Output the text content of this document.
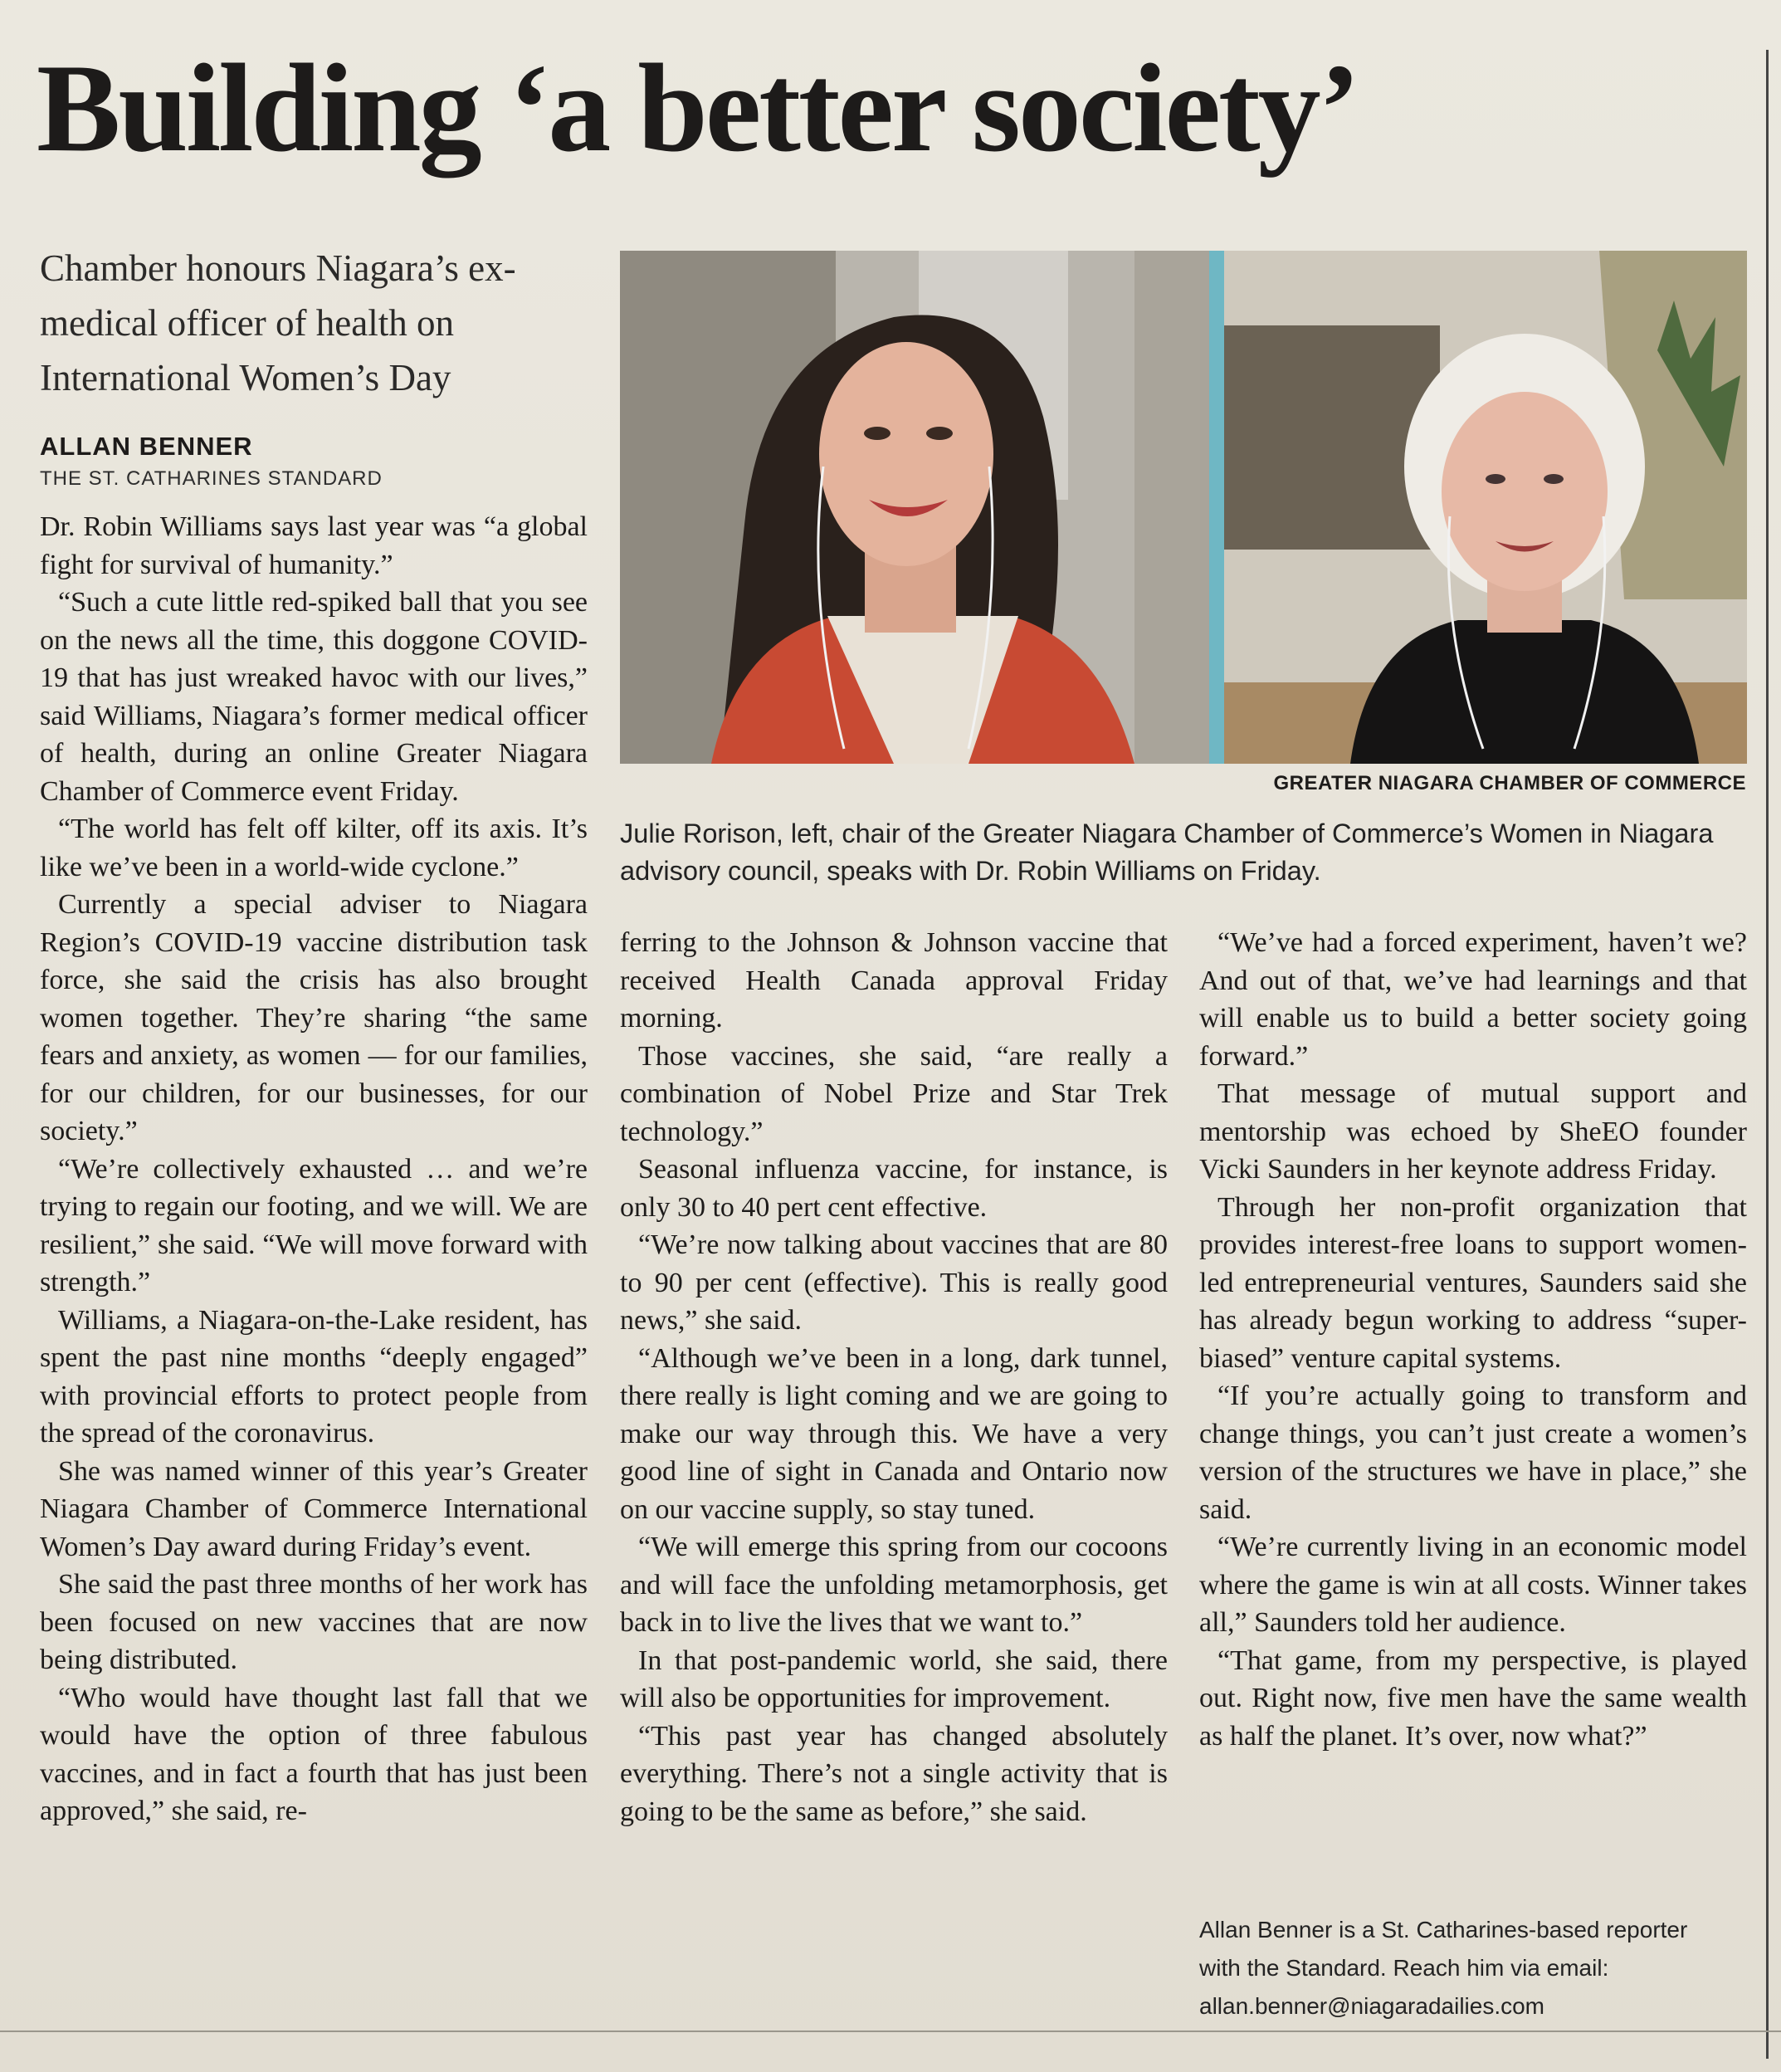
Building ‘a better society’
Chamber honours Niagara’s ex-medical officer of health on International Women’s Day
ALLAN BENNER
THE ST. CATHARINES STANDARD
GREATER NIAGARA CHAMBER OF COMMERCE
Julie Rorison, left, chair of the Greater Niagara Chamber of Commerce’s Women in Niagara advisory council, speaks with Dr. Robin Williams on Friday.

Dr. Robin Williams says last year was “a global fight for survival of humanity.”

“Such a cute little red-spiked ball that you see on the news all the time, this doggone COVID-19 that has just wreaked havoc with our lives,” said Williams, Niagara’s former medical officer of health, during an online Greater Niagara Chamber of Commerce event Friday.

“The world has felt off kilter, off its axis. It’s like we’ve been in a world-wide cyclone.”

Currently a special adviser to Niagara Region’s COVID-19 vaccine distribution task force, she said the crisis has also brought women together. They’re sharing “the same fears and anxiety, as women — for our families, for our children, for our businesses, for our society.”

“We’re collectively exhausted … and we’re trying to regain our footing, and we will. We are resilient,” she said. “We will move forward with strength.”

Williams, a Niagara-on-the-Lake resident, has spent the past nine months “deeply engaged” with provincial efforts to protect people from the spread of the coronavirus.

She was named winner of this year’s Greater Niagara Chamber of Commerce International Women’s Day award during Friday’s event.

She said the past three months of her work has been focused on new vaccines that are now being distributed.

“Who would have thought last fall that we would have the option of three fabulous vaccines, and in fact a fourth that has just been approved,” she said, re-

ferring to the Johnson & Johnson vaccine that received Health Canada approval Friday morning.

Those vaccines, she said, “are really a combination of Nobel Prize and Star Trek technology.”

Seasonal influenza vaccine, for instance, is only 30 to 40 pert cent effective.

“We’re now talking about vaccines that are 80 to 90 per cent (effective). This is really good news,” she said.

“Although we’ve been in a long, dark tunnel, there really is light coming and we are going to make our way through this. We have a very good line of sight in Canada and Ontario now on our vaccine supply, so stay tuned.

“We will emerge this spring from our cocoons and will face the unfolding metamorphosis, get back in to live the lives that we want to.”

In that post-pandemic world, she said, there will also be opportunities for improvement.

“This past year has changed absolutely everything. There’s not a single activity that is going to be the same as before,” she said.

“We’ve had a forced experiment, haven’t we? And out of that, we’ve had learnings and that will enable us to build a better society going forward.”

That message of mutual support and mentorship was echoed by SheEO founder Vicki Saunders in her keynote address Friday.

Through her non-profit organization that provides interest-free loans to support women-led entrepreneurial ventures, Saunders said she has already begun working to address “super-biased” venture capital systems.

“If you’re actually going to transform and change things, you can’t just create a women’s version of the structures we have in place,” she said.

“We’re currently living in an economic model where the game is win at all costs. Winner takes all,” Saunders told her audience.

“That game, from my perspective, is played out. Right now, five men have the same wealth as half the planet. It’s over, now what?”

Allan Benner is a St. Catharines-based reporter
with the Standard. Reach him via email:
allan.benner@niagaradailies.com
